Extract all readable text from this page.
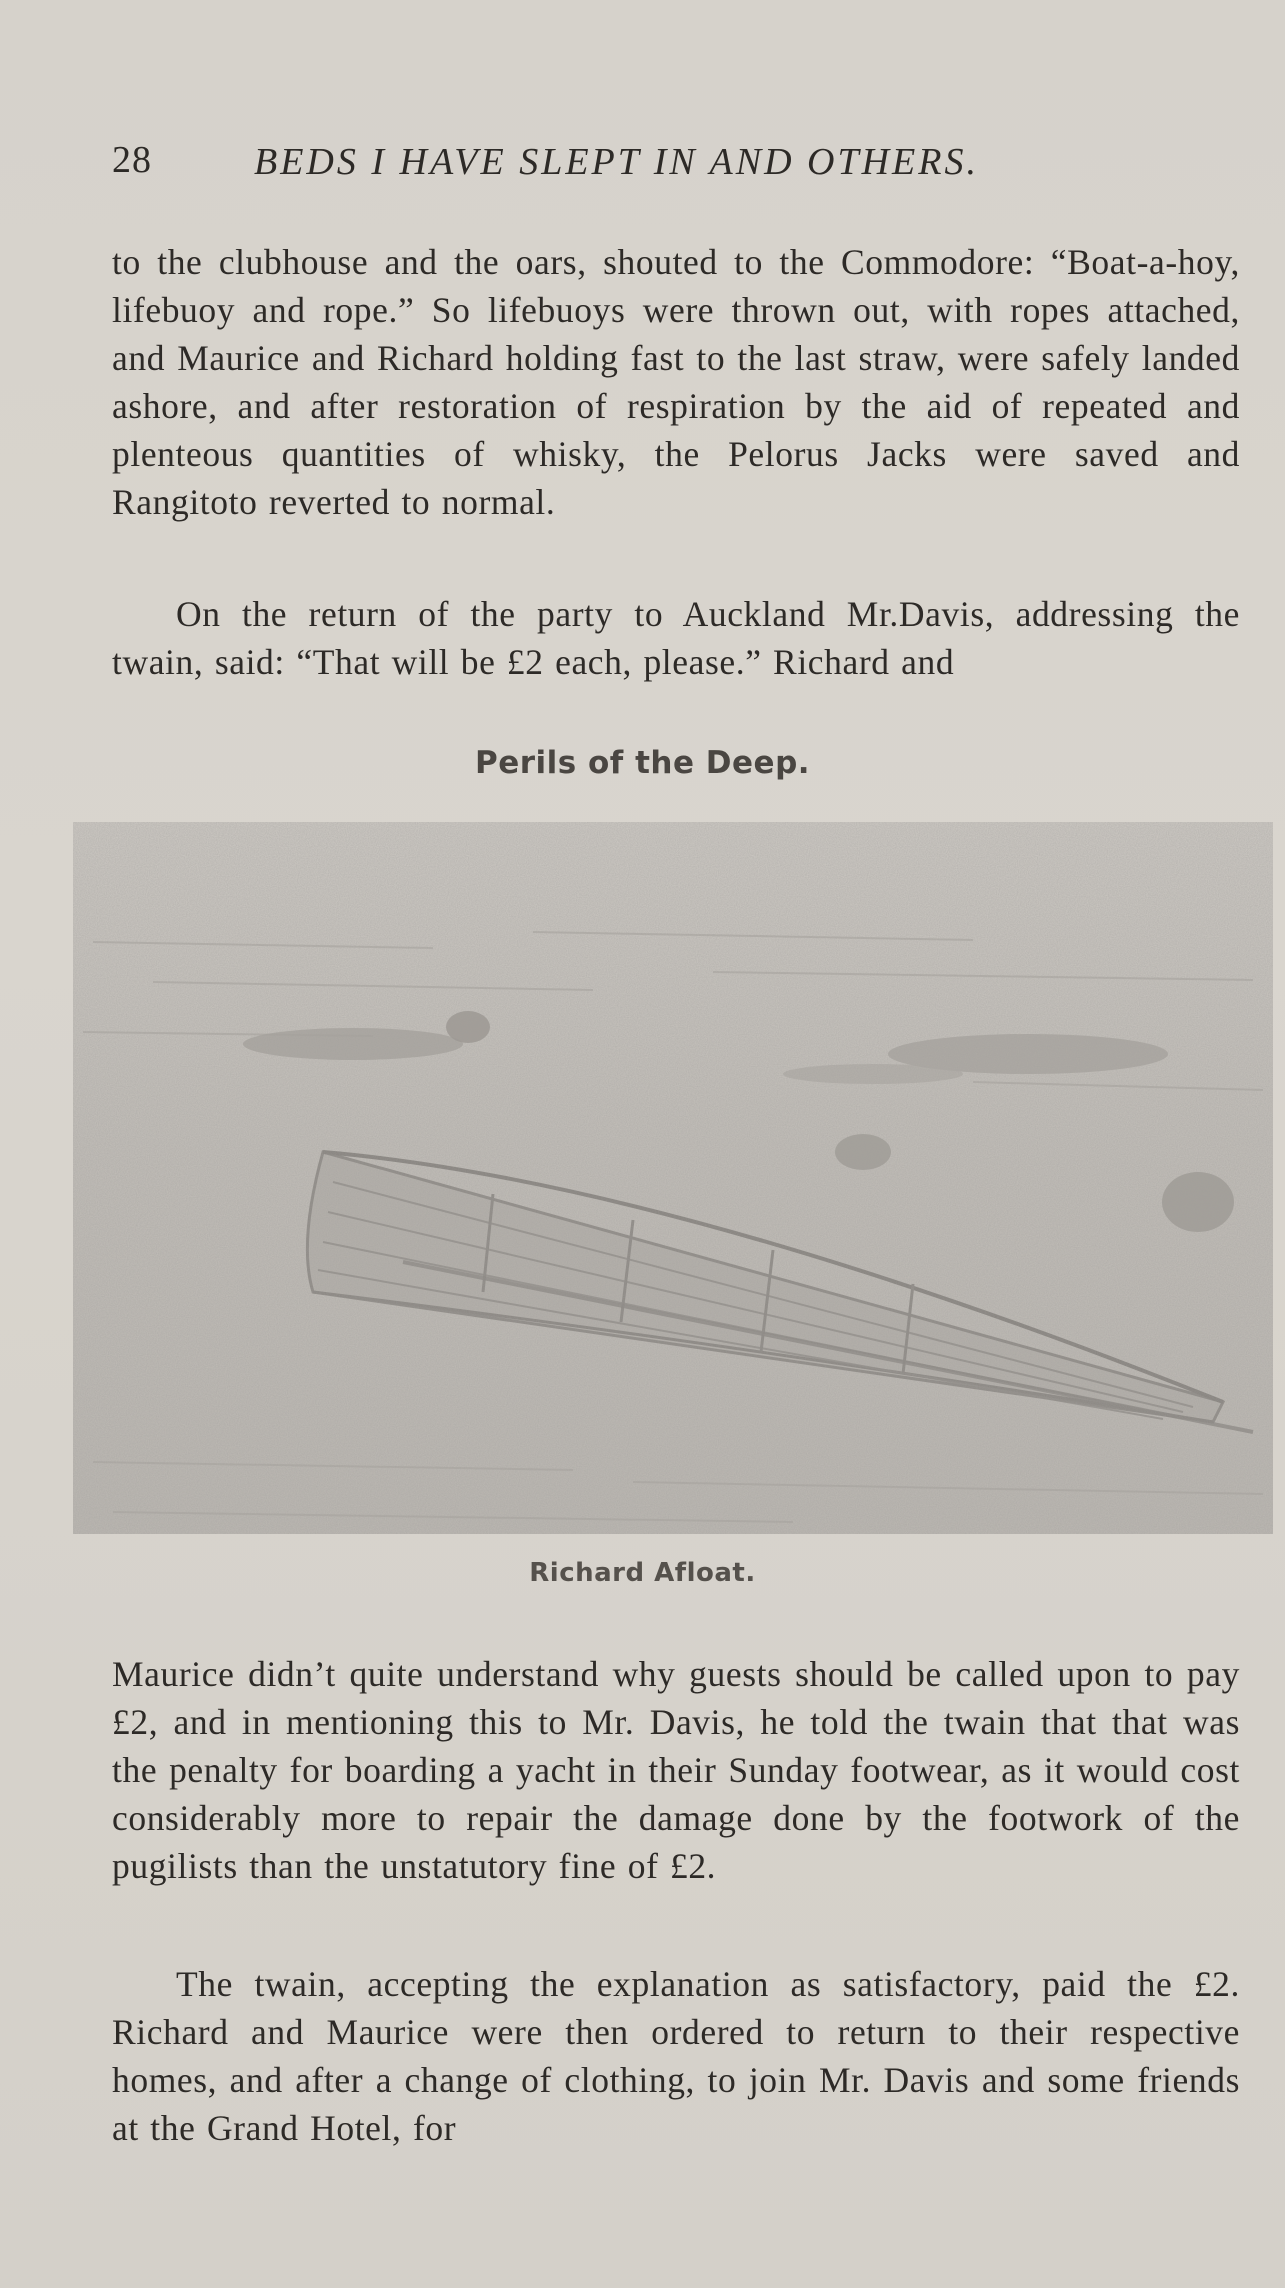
28	BEDS I HAVE SLEPT IN AND OTHERS.
to the clubhouse and the oars, shouted to the Commodore: “Boat-a-hoy, lifebuoy and rope.” So lifebuoys were thrown out, with ropes attached, and Maurice and Richard holding fast to the last straw, were safely landed ashore, and after restoration of respiration by the aid of repeated and plenteous quantities of whisky, the Pelorus Jacks were saved and Rangitoto reverted to normal.
On the return of the party to Auckland Mr.Davis, addressing the twain, said: “That will be £2 each, please.” Richard and
Perils of the Deep.
Richard Afloat.
Maurice didn’t quite understand why guests should be called upon to pay £2, and in mentioning this to Mr. Davis, he told the twain that that was the penalty for boarding a yacht in their Sunday footwear, as it would cost considerably more to repair the damage done by the footwork of the pugilists than the unstatutory fine of £2.
The twain, accepting the explanation as satisfactory, paid the £2. Richard and Maurice were then ordered to return to their respective homes, and after a change of clothing, to join Mr. Davis and some friends at the Grand Hotel, for
